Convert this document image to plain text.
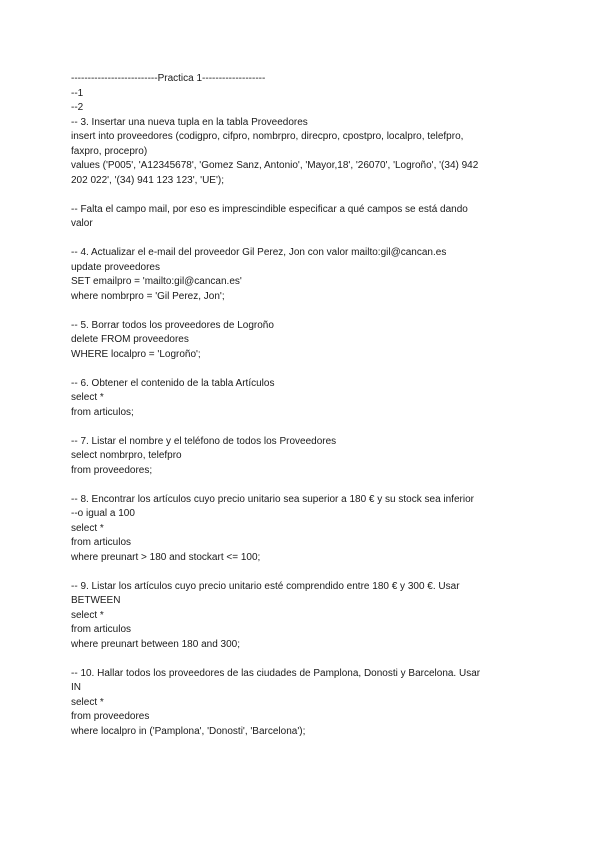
--------------------------Practica 1-------------------
--1
--2
-- 3. Insertar una nueva tupla en la tabla Proveedores
insert into proveedores (codigpro, cifpro, nombrpro, direcpro, cpostpro, localpro, telefpro,
faxpro, procepro)
values ('P005', 'A12345678', 'Gomez Sanz, Antonio', 'Mayor,18', '26070', 'Logroño', '(34) 942
202 022', '(34) 941 123 123', 'UE');
-- Falta el campo mail, por eso es imprescindible especificar a qué campos se está dando
valor
-- 4. Actualizar el e-mail del proveedor Gil Perez, Jon con valor mailto:gil@cancan.es
update proveedores
SET emailpro = 'mailto:gil@cancan.es'
where nombrpro = 'Gil Perez, Jon';
-- 5. Borrar todos los proveedores de Logroño
delete FROM proveedores
WHERE localpro = 'Logroño';
-- 6. Obtener el contenido de la tabla Artículos
select *
from articulos;
-- 7. Listar el nombre y el teléfono de todos los Proveedores
select nombrpro, telefpro
from proveedores;
-- 8. Encontrar los artículos cuyo precio unitario sea superior a 180 € y su stock sea inferior
--o igual a 100
select *
from articulos
where preunart > 180 and stockart <= 100;
-- 9. Listar los artículos cuyo precio unitario esté comprendido entre 180 € y 300 €. Usar
BETWEEN
select *
from articulos
where preunart between 180 and 300;
-- 10. Hallar todos los proveedores de las ciudades de Pamplona, Donosti y Barcelona. Usar
IN
select *
from proveedores
where localpro in ('Pamplona', 'Donosti', 'Barcelona');
